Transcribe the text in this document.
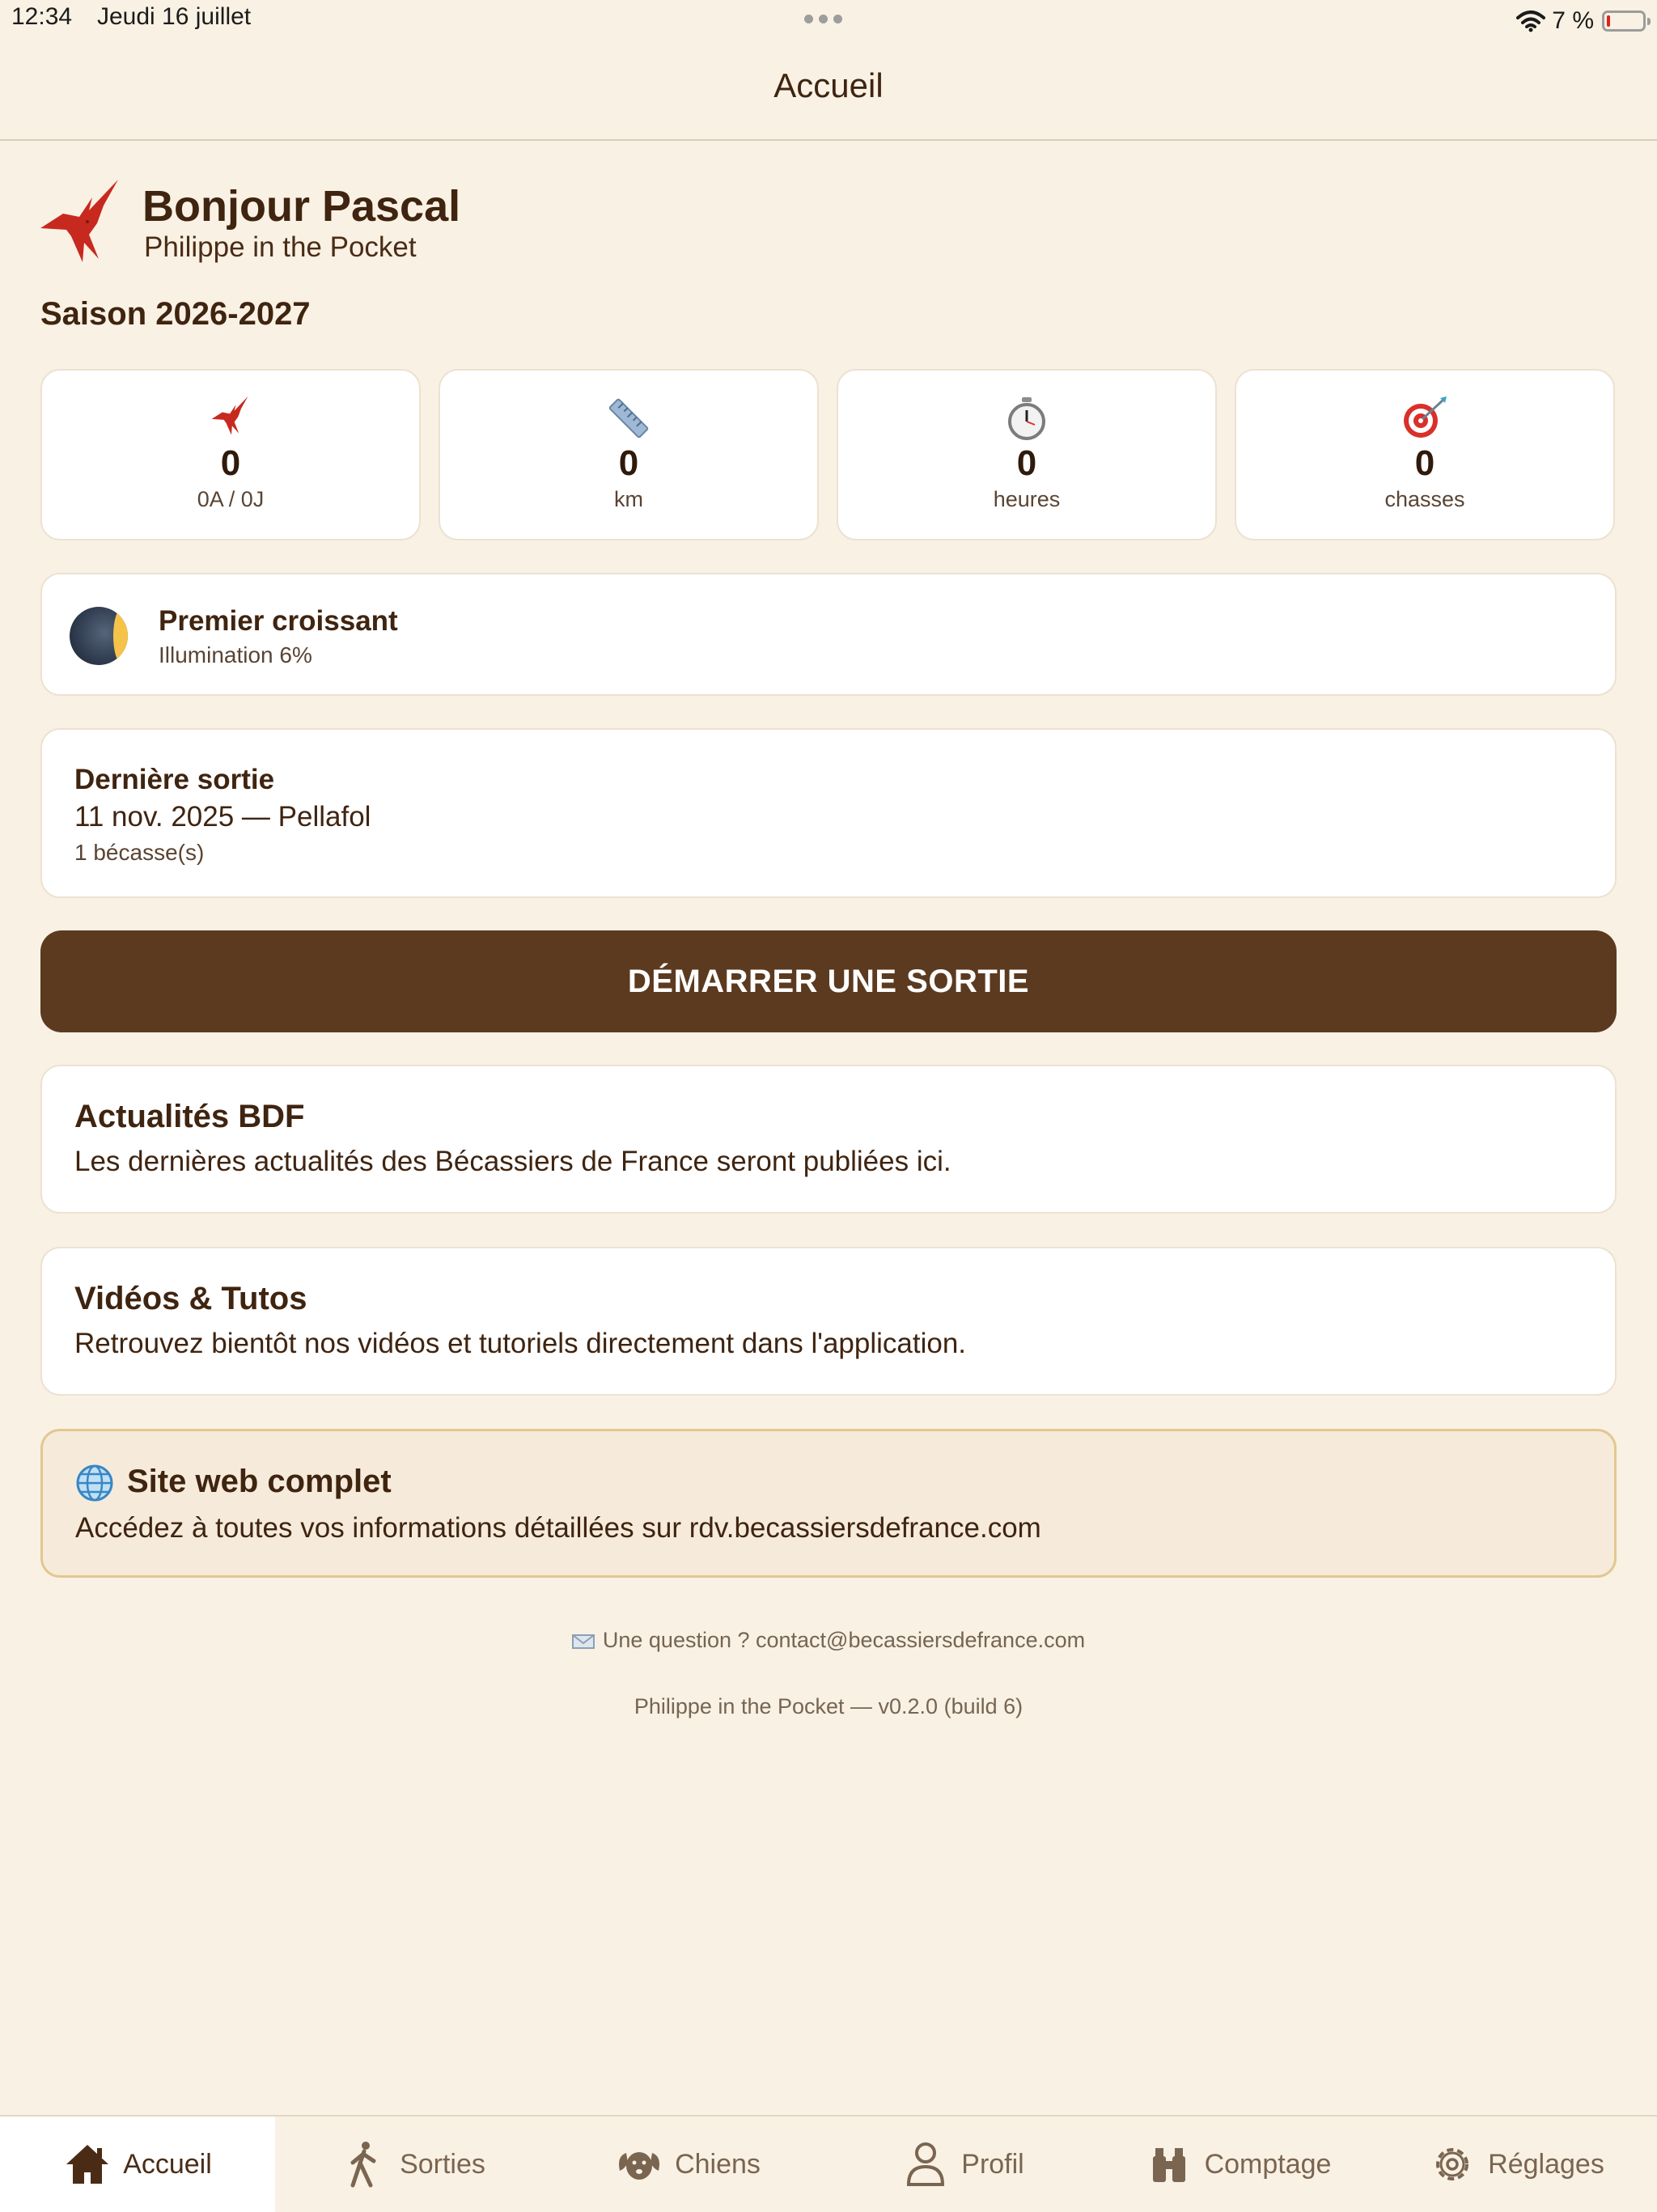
12:34 Jeudi 16 juillet	7 %
Accueil
Bonjour Pascal
Philippe in the Pocket
Saison 2026-2027
0
0A / 0J
0
km
0
heures
0
chasses
Premier croissant
Illumination 6%
Dernière sortie
11 nov. 2025 — Pellafol
1 bécasse(s)
DÉMARRER UNE SORTIE
Actualités BDF
Les dernières actualités des Bécassiers de France seront publiées ici.
Vidéos & Tutos
Retrouvez bientôt nos vidéos et tutoriels directement dans l'application.
Site web complet
Accédez à toutes vos informations détaillées sur rdv.becassiersdefrance.com
Une question ? contact@becassiersdefrance.com
Philippe in the Pocket — v0.2.0 (build 6)
Accueil	Sorties	Chiens	Profil	Comptage	Réglages
